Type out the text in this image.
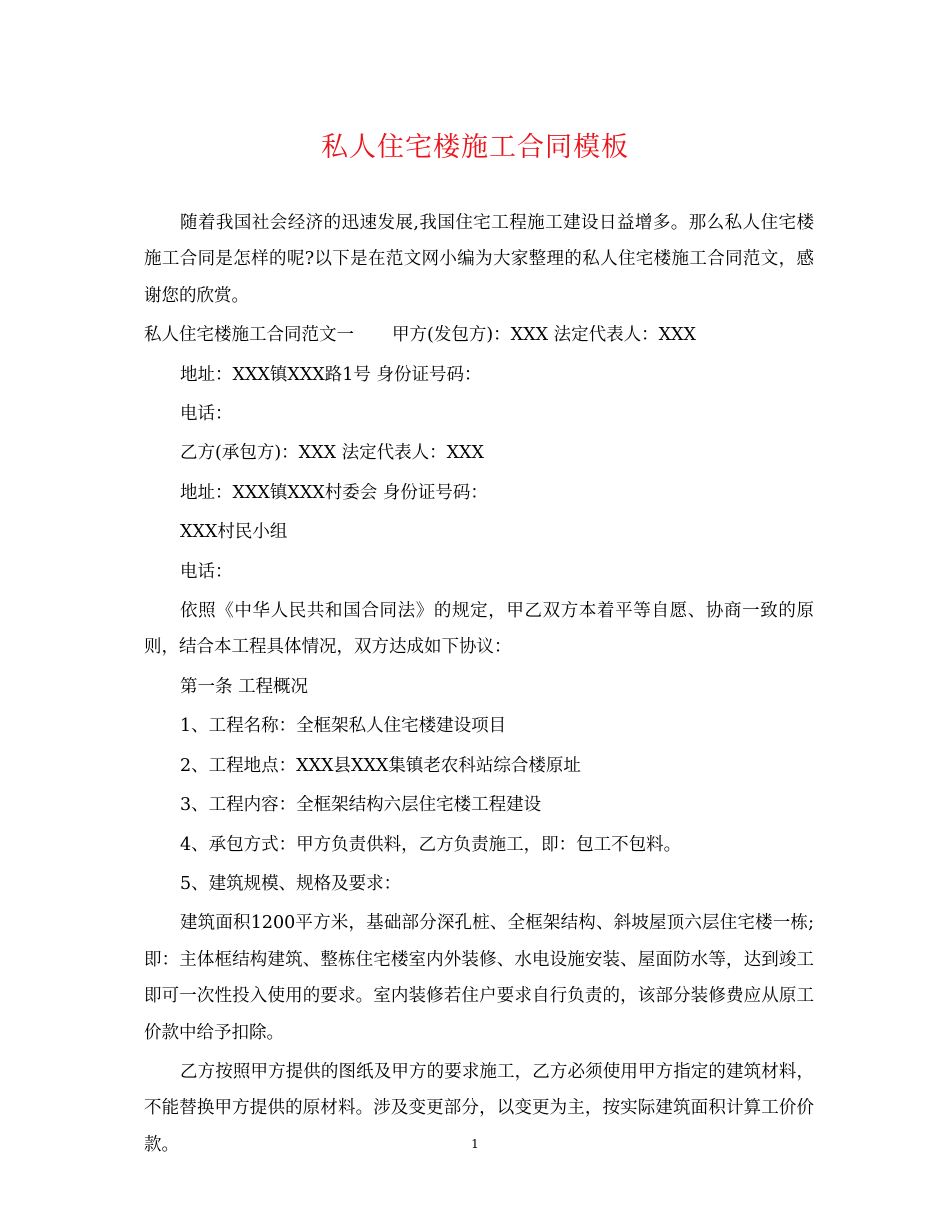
私人住宅楼施工合同模板

随着我国社会经济的迅速发展,我国住宅工程施工建设日益增多。那么私人住宅楼施工合同是怎样的呢?以下是在范文网小编为大家整理的私人住宅楼施工合同范文，感谢您的欣赏。

私人住宅楼施工合同范文一 甲方(发包方)：XXX 法定代表人：XXX

地址：XXX镇XXX路1号 身份证号码：

电话：

乙方(承包方)：XXX 法定代表人：XXX

地址：XXX镇XXX村委会 身份证号码：

XXX村民小组

电话：

依照《中华人民共和国合同法》的规定，甲乙双方本着平等自愿、协商一致的原则，结合本工程具体情况，双方达成如下协议：

第一条 工程概况

1、工程名称：全框架私人住宅楼建设项目

2、工程地点：XXX县XXX集镇老农科站综合楼原址

3、工程内容：全框架结构六层住宅楼工程建设

4、承包方式：甲方负责供料，乙方负责施工，即：包工不包料。

5、建筑规模、规格及要求：

建筑面积1200平方米，基础部分深孔桩、全框架结构、斜坡屋顶六层住宅楼一栋;即：主体框结构建筑、整栋住宅楼室内外装修、水电设施安装、屋面防水等，达到竣工即可一次性投入使用的要求。室内装修若住户要求自行负责的，该部分装修费应从原工价款中给予扣除。

乙方按照甲方提供的图纸及甲方的要求施工，乙方必须使用甲方指定的建筑材料，不能替换甲方提供的原材料。涉及变更部分，以变更为主，按实际建筑面积计算工价价款。	1
